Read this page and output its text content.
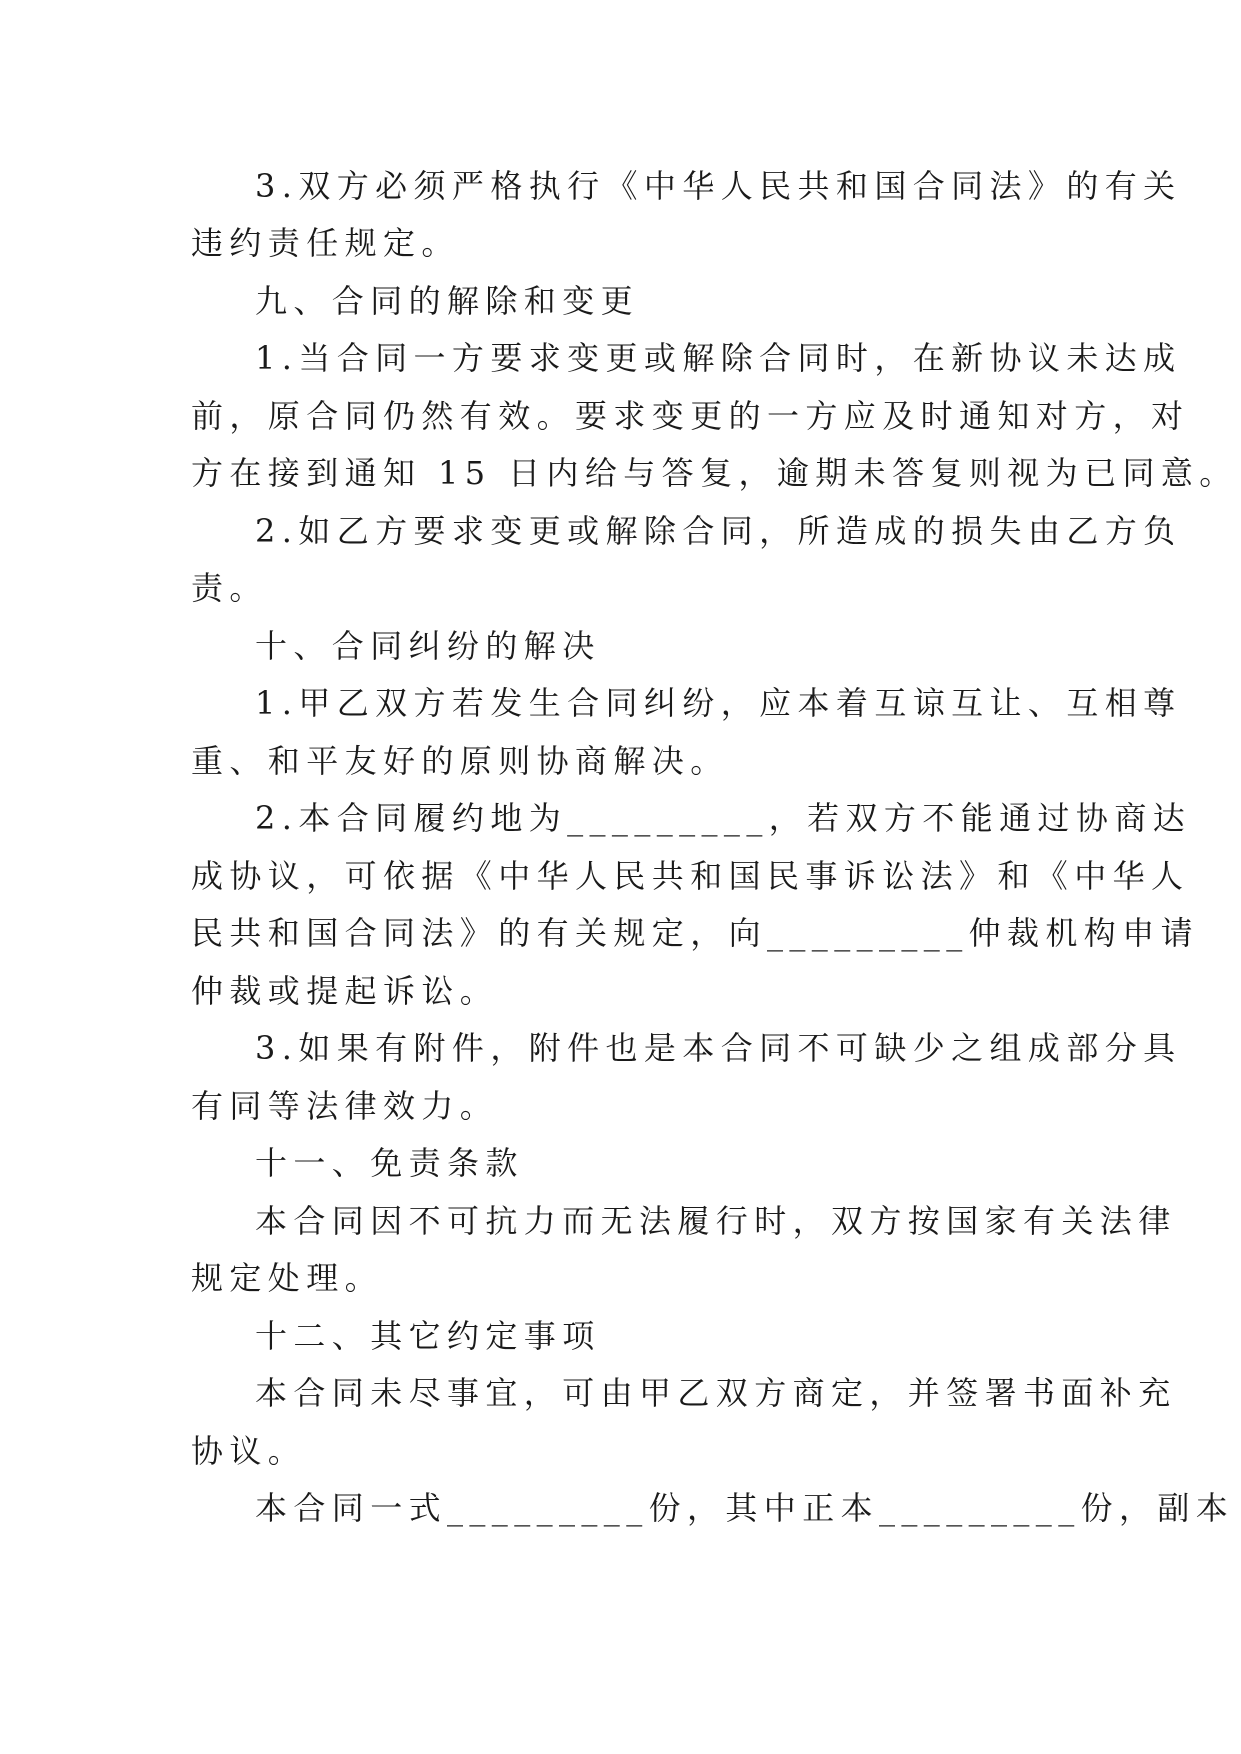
3.双方必须严格执行《中华人民共和国合同法》的有关
违约责任规定。
九、合同的解除和变更
1.当合同一方要求变更或解除合同时，在新协议未达成
前，原合同仍然有效。要求变更的一方应及时通知对方，对
方在接到通知 15 日内给与答复，逾期未答复则视为已同意。
2.如乙方要求变更或解除合同，所造成的损失由乙方负
责。
十、合同纠纷的解决
1.甲乙双方若发生合同纠纷，应本着互谅互让、互相尊
重、和平友好的原则协商解决。
2.本合同履约地为_________，若双方不能通过协商达
成协议，可依据《中华人民共和国民事诉讼法》和《中华人
民共和国合同法》的有关规定，向_________仲裁机构申请
仲裁或提起诉讼。
3.如果有附件，附件也是本合同不可缺少之组成部分具
有同等法律效力。
十一、免责条款
本合同因不可抗力而无法履行时，双方按国家有关法律
规定处理。
十二、其它约定事项
本合同未尽事宜，可由甲乙双方商定，并签署书面补充
协议。
本合同一式_________份，其中正本_________份，副本
